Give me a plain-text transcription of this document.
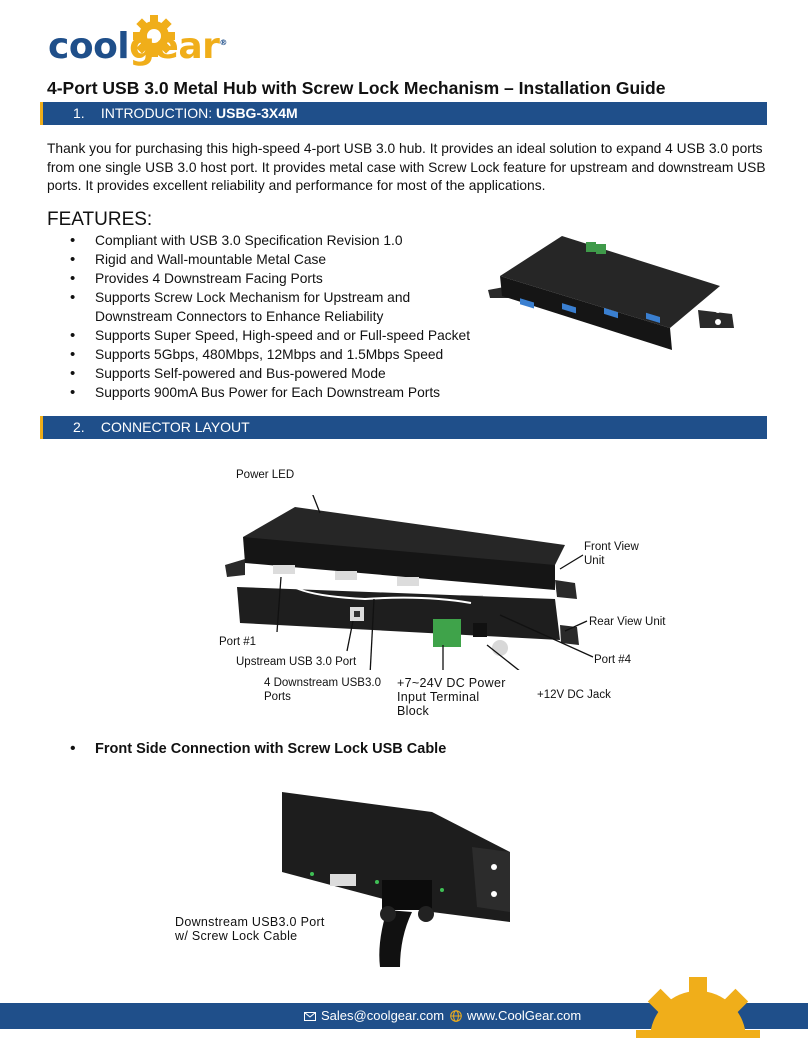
coolgear®
4-Port USB 3.0 Metal Hub with Screw Lock Mechanism – Installation Guide
1. INTRODUCTION: USBG-3X4M

Thank you for purchasing this high-speed 4-port USB 3.0 hub. It provides an ideal solution to expand 4 USB 3.0 ports from one single USB 3.0 host port. It provides metal case with Screw Lock feature for upstream and downstream USB ports. It provides excellent reliability and performance for most of the applications.

FEATURES:
• Compliant with USB 3.0 Specification Revision 1.0
• Rigid and Wall-mountable Metal Case
• Provides 4 Downstream Facing Ports
• Supports Screw Lock Mechanism for Upstream and Downstream Connectors to Enhance Reliability
• Supports Super Speed, High-speed and or Full-speed Packet
• Supports 5Gbps, 480Mbps, 12Mbps and 1.5Mbps Speed
• Supports Self-powered and Bus-powered Mode
• Supports 900mA Bus Power for Each Downstream Ports
2. CONNECTOR LAYOUT
Power LED
Front View Unit
Rear View Unit
Port #1
Port #4
Upstream USB 3.0 Port
4 Downstream USB3.0 Ports
+7~24V DC Power Input Terminal Block
+12V DC Jack
• Front Side Connection with Screw Lock USB Cable
Downstream USB3.0 Port w/ Screw Lock Cable
Sales@coolgear.com www.CoolGear.com
